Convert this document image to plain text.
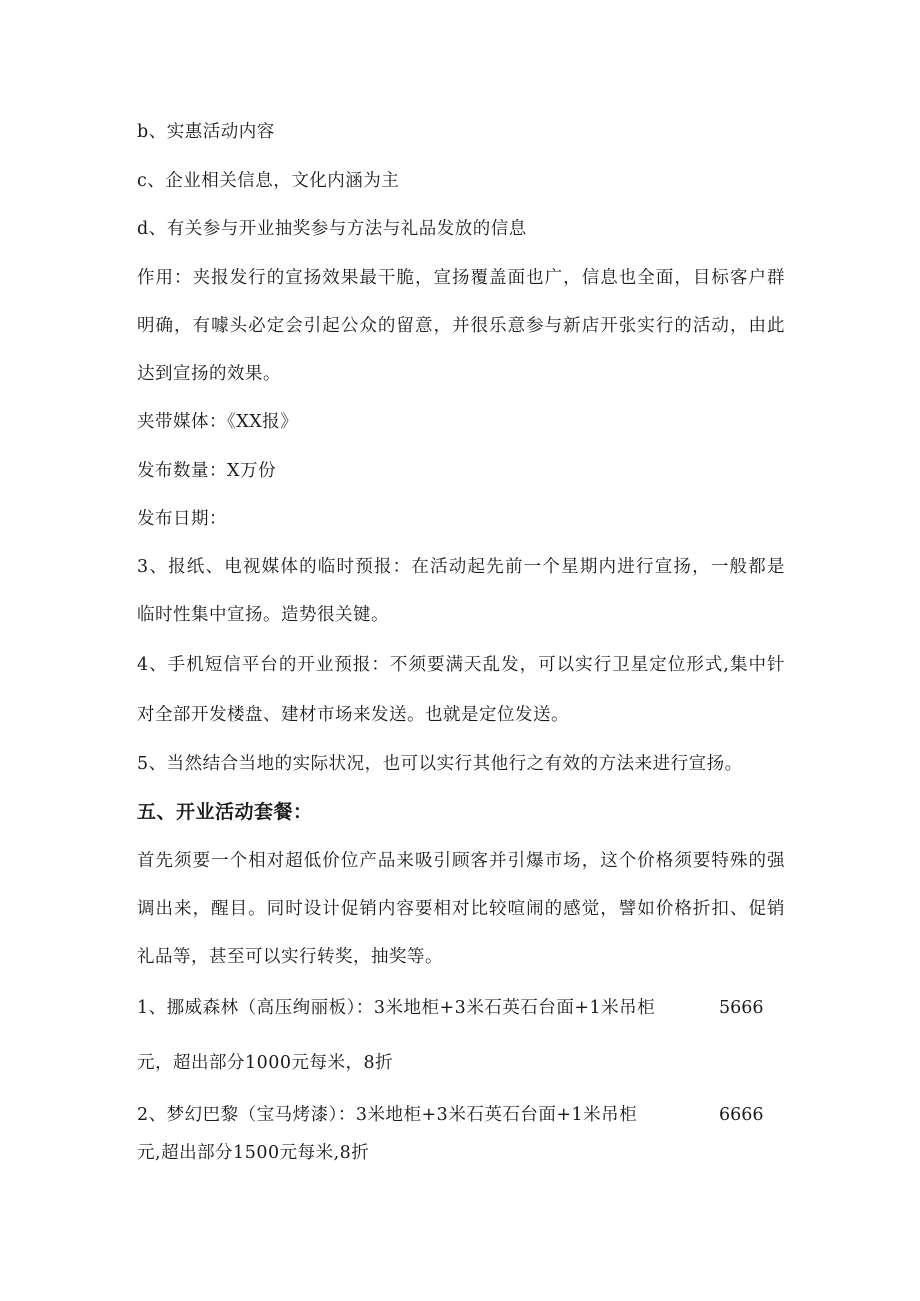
b、实惠活动内容
c、企业相关信息，文化内涵为主
d、有关参与开业抽奖参与方法与礼品发放的信息
作用：夹报发行的宣扬效果最干脆，宣扬覆盖面也广，信息也全面，目标客户群
明确，有噱头必定会引起公众的留意，并很乐意参与新店开张实行的活动，由此
达到宣扬的效果。
夹带媒体：《XX报》
发布数量：X万份
发布日期：
3、报纸、电视媒体的临时预报：在活动起先前一个星期内进行宣扬，一般都是
临时性集中宣扬。造势很关键。
4、手机短信平台的开业预报：不须要满天乱发，可以实行卫星定位形式,集中针
对全部开发楼盘、建材市场来发送。也就是定位发送。
5、当然结合当地的实际状况，也可以实行其他行之有效的方法来进行宣扬。
五、开业活动套餐：
首先须要一个相对超低价位产品来吸引顾客并引爆市场，这个价格须要特殊的强
调出来，醒目。同时设计促销内容要相对比较喧闹的感觉，譬如价格折扣、促销
礼品等，甚至可以实行转奖，抽奖等。
1、挪威森林（高压绚丽板）：3米地柜+3米石英石台面+1米吊柜	5666
元，超出部分1000元每米，8折
2、梦幻巴黎（宝马烤漆）：3米地柜+3米石英石台面+1米吊柜	6666
元,超出部分1500元每米,8折
